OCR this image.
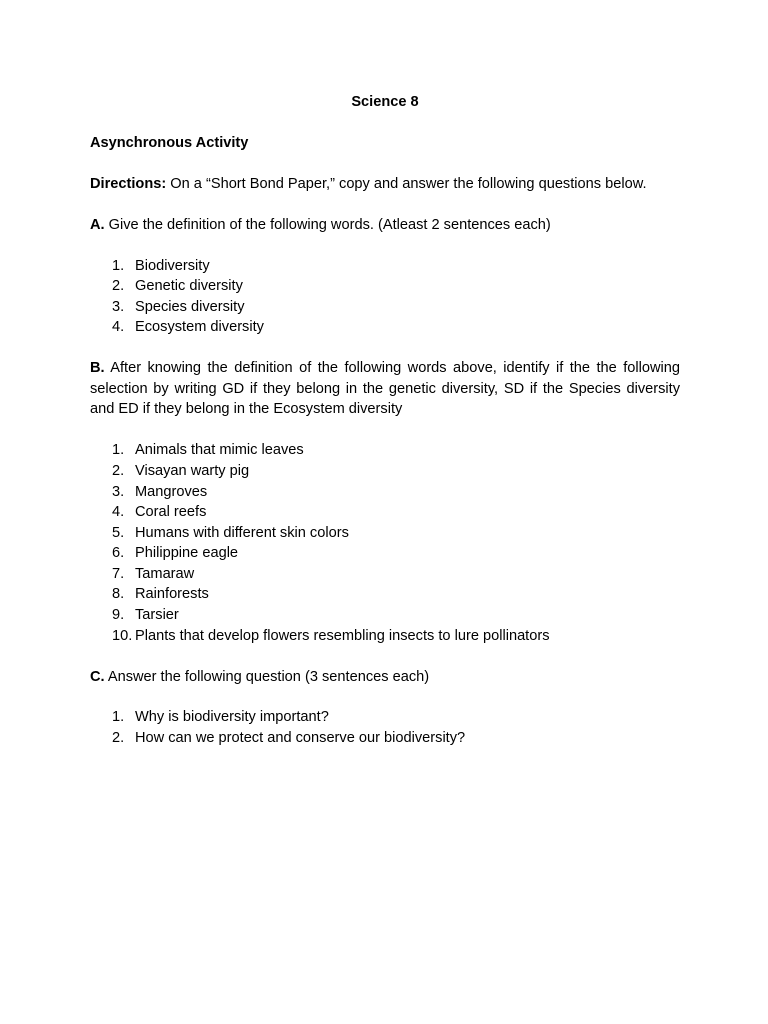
Science 8

Asynchronous Activity

Directions: On a “Short Bond Paper,” copy and answer the following questions below.

A. Give the definition of the following words. (Atleast 2 sentences each)

1. Biodiversity
2. Genetic diversity
3. Species diversity
4. Ecosystem diversity

B. After knowing the definition of the following words above, identify if the the following selection by writing GD if they belong in the genetic diversity, SD if the Species diversity and ED if they belong in the Ecosystem diversity

1. Animals that mimic leaves
2. Visayan warty pig
3. Mangroves
4. Coral reefs
5. Humans with different skin colors
6. Philippine eagle
7. Tamaraw
8. Rainforests
9. Tarsier
10. Plants that develop flowers resembling insects to lure pollinators

C. Answer the following question (3 sentences each)

1. Why is biodiversity important?
2. How can we protect and conserve our biodiversity?
